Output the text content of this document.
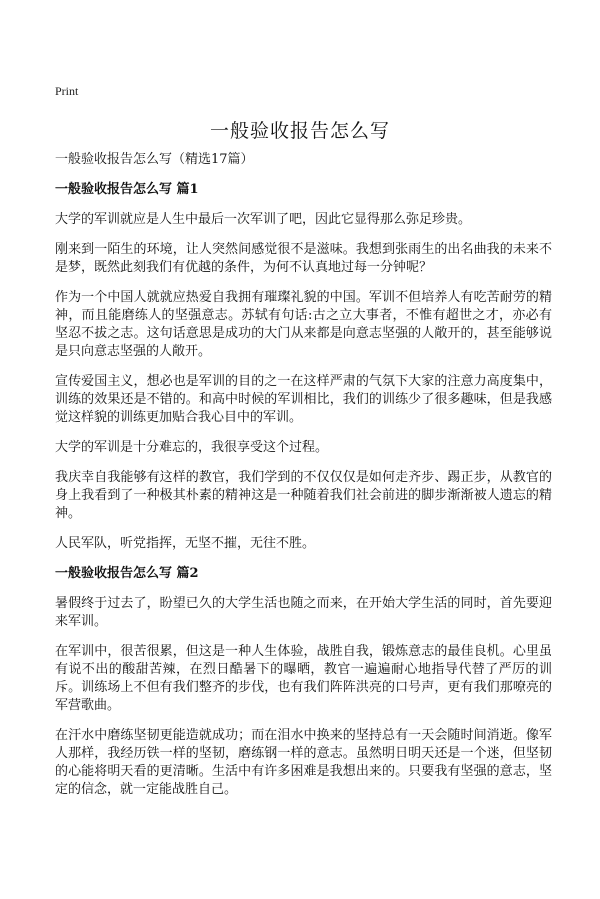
Print
一般验收报告怎么写

一般验收报告怎么写（精选17篇）

一般验收报告怎么写 篇1

大学的军训就应是人生中最后一次军训了吧，因此它显得那么弥足珍贵。

刚来到一陌生的环境，让人突然间感觉很不是滋味。我想到张雨生的出名曲我的未来不是梦，既然此刻我们有优越的条件，为何不认真地过每一分钟呢？

作为一个中国人就就应热爱自我拥有璀璨礼貌的中国。军训不但培养人有吃苦耐劳的精神，而且能磨练人的坚强意志。苏轼有句话:古之立大事者，不惟有超世之才，亦必有坚忍不拔之志。这句话意思是成功的大门从来都是向意志坚强的人敞开的，甚至能够说是只向意志坚强的人敞开。

宣传爱国主义，想必也是军训的目的之一在这样严肃的气氛下大家的注意力高度集中，训练的效果还是不错的。和高中时候的军训相比，我们的训练少了很多趣味，但是我感觉这样貌的训练更加贴合我心目中的军训。

大学的军训是十分难忘的，我很享受这个过程。

我庆幸自我能够有这样的教官，我们学到的不仅仅仅是如何走齐步、踢正步，从教官的身上我看到了一种极其朴素的精神这是一种随着我们社会前进的脚步渐渐被人遗忘的精神。

人民军队，听党指挥，无坚不摧，无往不胜。

一般验收报告怎么写 篇2

暑假终于过去了，盼望已久的大学生活也随之而来，在开始大学生活的同时，首先要迎来军训。

在军训中，很苦很累，但这是一种人生体验，战胜自我，锻炼意志的最佳良机。心里虽有说不出的酸甜苦辣，在烈日酷暑下的曝晒，教官一遍遍耐心地指导代替了严厉的训斥。训练场上不但有我们整齐的步伐，也有我们阵阵洪亮的口号声，更有我们那嘹亮的军营歌曲。

在汗水中磨练坚韧更能造就成功；而在泪水中换来的坚持总有一天会随时间消逝。像军人那样，我经历铁一样的坚韧，磨练钢一样的意志。虽然明日明天还是一个迷，但坚韧的心能将明天看的更清晰。生活中有许多困难是我想出来的。只要我有坚强的意志，坚定的信念，就一定能战胜自己。
